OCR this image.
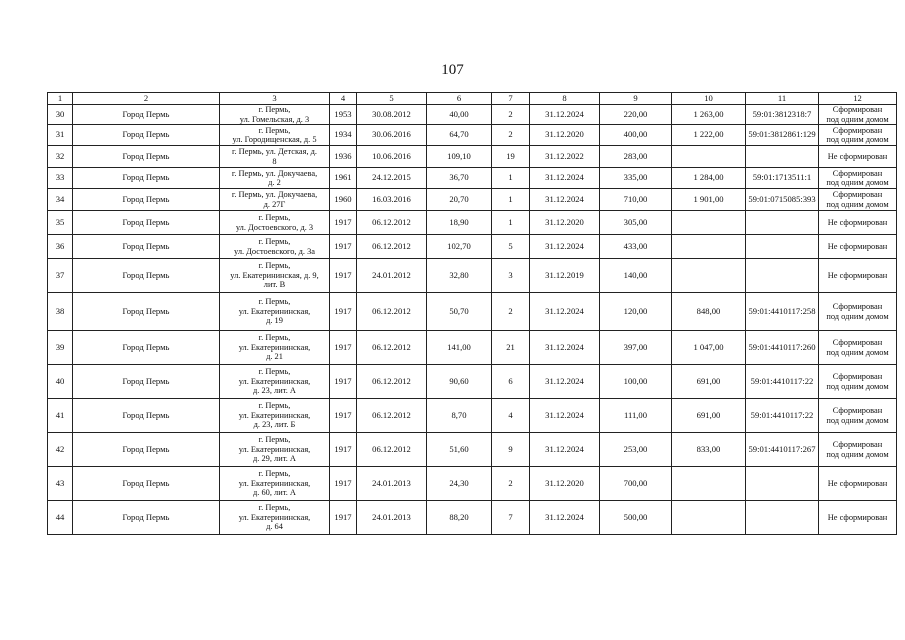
107
1	2	3	4	5	6	7	8	9	10	11	12
30	Город Пермь	г. Пермь,
ул. Гомельская, д. 3	1953	30.08.2012	40,00	2	31.12.2024	220,00	1 263,00	59:01:3812318:7	Сформирован
под одним домом
31	Город Пермь	г. Пермь,
ул. Городищенская, д. 5	1934	30.06.2016	64,70	2	31.12.2020	400,00	1 222,00	59:01:3812861:129	Сформирован
под одним домом
32	Город Пермь	г. Пермь, ул. Детская, д.
8	1936	10.06.2016	109,10	19	31.12.2022	283,00			Не сформирован
33	Город Пермь	г. Пермь, ул. Докучаева,
д. 2	1961	24.12.2015	36,70	1	31.12.2024	335,00	1 284,00	59:01:1713511:1	Сформирован
под одним домом
34	Город Пермь	г. Пермь, ул. Докучаева,
д. 27Г	1960	16.03.2016	20,70	1	31.12.2024	710,00	1 901,00	59:01:0715085:393	Сформирован
под одним домом
35	Город Пермь	г. Пермь,
ул. Достоевского, д. 3	1917	06.12.2012	18,90	1	31.12.2020	305,00			Не сформирован
36	Город Пермь	г. Пермь,
ул. Достоевского, д. 3а	1917	06.12.2012	102,70	5	31.12.2024	433,00			Не сформирован
37	Город Пермь	г. Пермь,
ул. Екатерининская, д. 9,
лит. В	1917	24.01.2012	32,80	3	31.12.2019	140,00			Не сформирован
38	Город Пермь	г. Пермь,
ул. Екатерининская,
д. 19	1917	06.12.2012	50,70	2	31.12.2024	120,00	848,00	59:01:4410117:258	Сформирован
под одним домом
39	Город Пермь	г. Пермь,
ул. Екатерининская,
д. 21	1917	06.12.2012	141,00	21	31.12.2024	397,00	1 047,00	59:01:4410117:260	Сформирован
под одним домом
40	Город Пермь	г. Пермь,
ул. Екатерининская,
д. 23, лит. А	1917	06.12.2012	90,60	6	31.12.2024	100,00	691,00	59:01:4410117:22	Сформирован
под одним домом
41	Город Пермь	г. Пермь,
ул. Екатерининская,
д. 23, лит. Б	1917	06.12.2012	8,70	4	31.12.2024	111,00	691,00	59:01:4410117:22	Сформирован
под одним домом
42	Город Пермь	г. Пермь,
ул. Екатерининская,
д. 29, лит. А	1917	06.12.2012	51,60	9	31.12.2024	253,00	833,00	59:01:4410117:267	Сформирован
под одним домом
43	Город Пермь	г. Пермь,
ул. Екатерининская,
д. 60, лит. А	1917	24.01.2013	24,30	2	31.12.2020	700,00			Не сформирован
44	Город Пермь	г. Пермь,
ул. Екатерининская,
д. 64	1917	24.01.2013	88,20	7	31.12.2024	500,00			Не сформирован
